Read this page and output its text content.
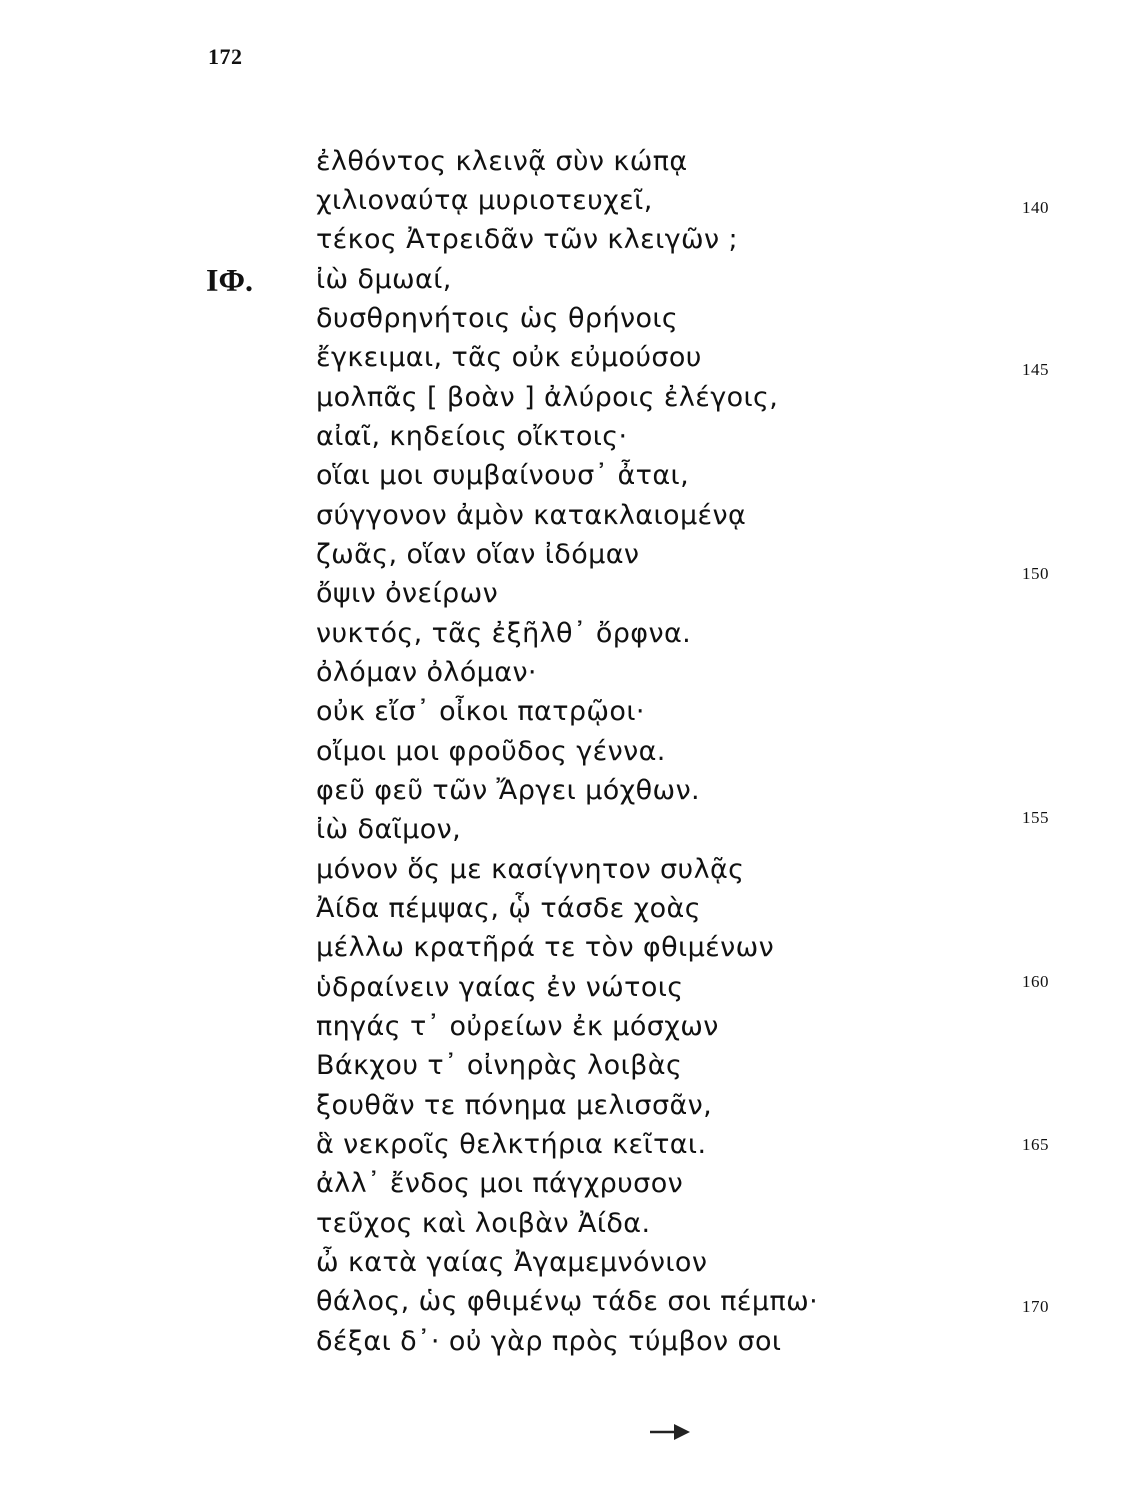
172
ΙΦ.
ἐλθόντος κλεινᾷ σὺν κώπᾳ
χιλιοναύτᾳ μυριοτευχεῖ,
τέκος Ἀτρειδᾶν τῶν κλειγῶν ;
ἰὼ δμωαί,
δυσθρηνήτοις ὡς θρήνοις
ἔγκειμαι, τᾶς οὐκ εὐμούσου
μολπᾶς [ βοὰν ] ἀλύροις ἐλέγοις,
αἰαῖ, κηδείοις οἴκτοις·
οἵαι μοι συμβαίνουσ᾽ ἆται,
σύγγονον ἀμὸν κατακλαιομένᾳ
ζωᾶς, οἵαν οἵαν ἰδόμαν
ὄψιν ὀνείρων
νυκτός, τᾶς ἐξῆλθ᾽ ὄρφνα.
ὀλόμαν ὀλόμαν·
οὐκ εἴσ᾽ οἶκοι πατρῷοι·
οἴμοι μοι φροῦδος γέννα.
φεῦ φεῦ τῶν Ἄργει μόχθων.
ἰὼ δαῖμον,
μόνον ὅς με κασίγνητον συλᾷς
Ἀίδα πέμψας, ᾧ τάσδε χοὰς
μέλλω κρατῆρά τε τὸν φθιμένων
ὑδραίνειν γαίας ἐν νώτοις
πηγάς τ᾽ οὐρείων ἐκ μόσχων
Βάκχου τ᾽ οἰνηρὰς λοιβὰς
ξουθᾶν τε πόνημα μελισσᾶν,
ἃ νεκροῖς θελκτήρια κεῖται.
ἀλλ᾽ ἔνδος μοι πάγχρυσον
τεῦχος καὶ λοιβὰν Ἀίδα.
ὦ κατὰ γαίας Ἀγαμεμνόνιον
θάλος, ὡς φθιμένῳ τάδε σοι πέμπω·
δέξαι δ᾽· οὐ γὰρ πρὸς τύμβον σοι
140
145
150
155
160
165
170
